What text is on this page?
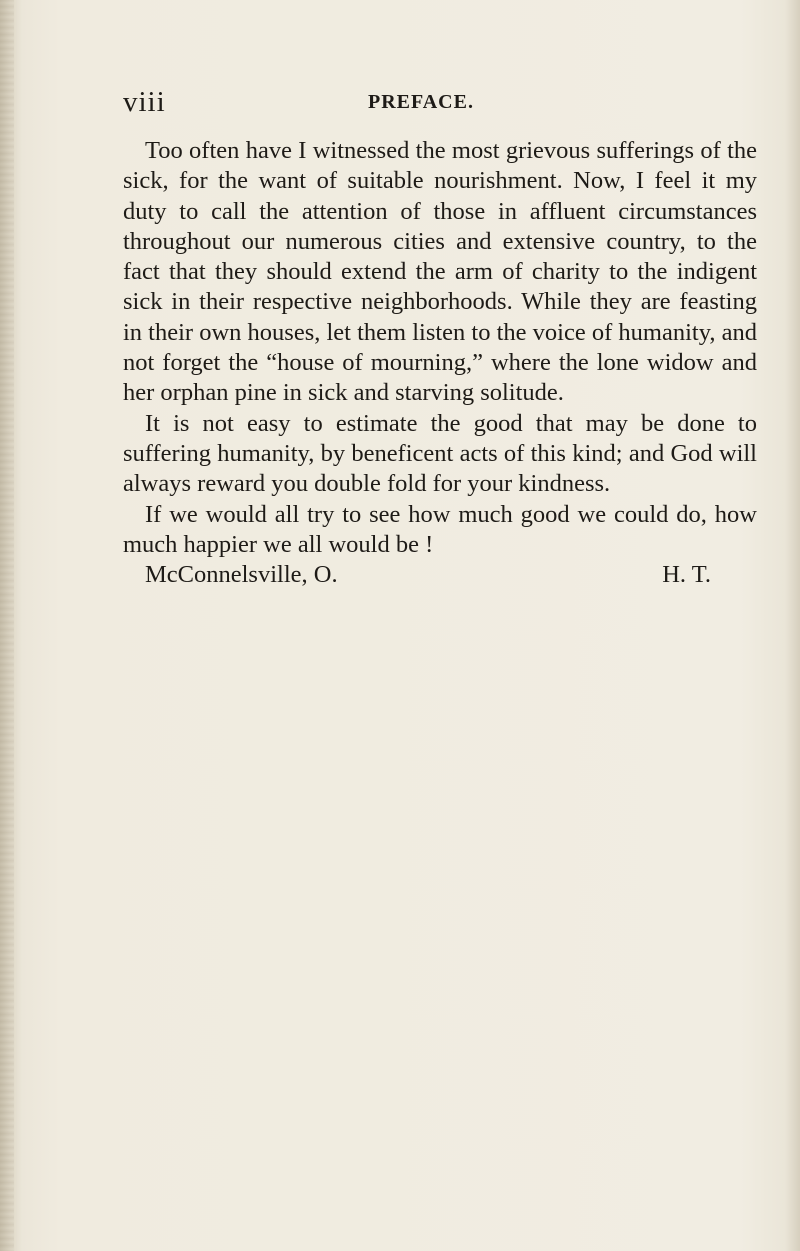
viii	PREFACE.

Too often have I witnessed the most grievous sufferings of the sick, for the want of suitable nourishment. Now, I feel it my duty to call the attention of those in affluent circumstances throughout our numerous cities and extensive country, to the fact that they should extend the arm of charity to the indigent sick in their respective neighborhoods. While they are feasting in their own houses, let them listen to the voice of humanity, and not forget the “house of mourning,” where the lone widow and her orphan pine in sick and starving solitude.

It is not easy to estimate the good that may be done to suffering humanity, by beneficent acts of this kind; and God will always reward you double fold for your kindness.

If we would all try to see how much good we could do, how much happier we all would be !

McConnelsville, O.	H. T.
